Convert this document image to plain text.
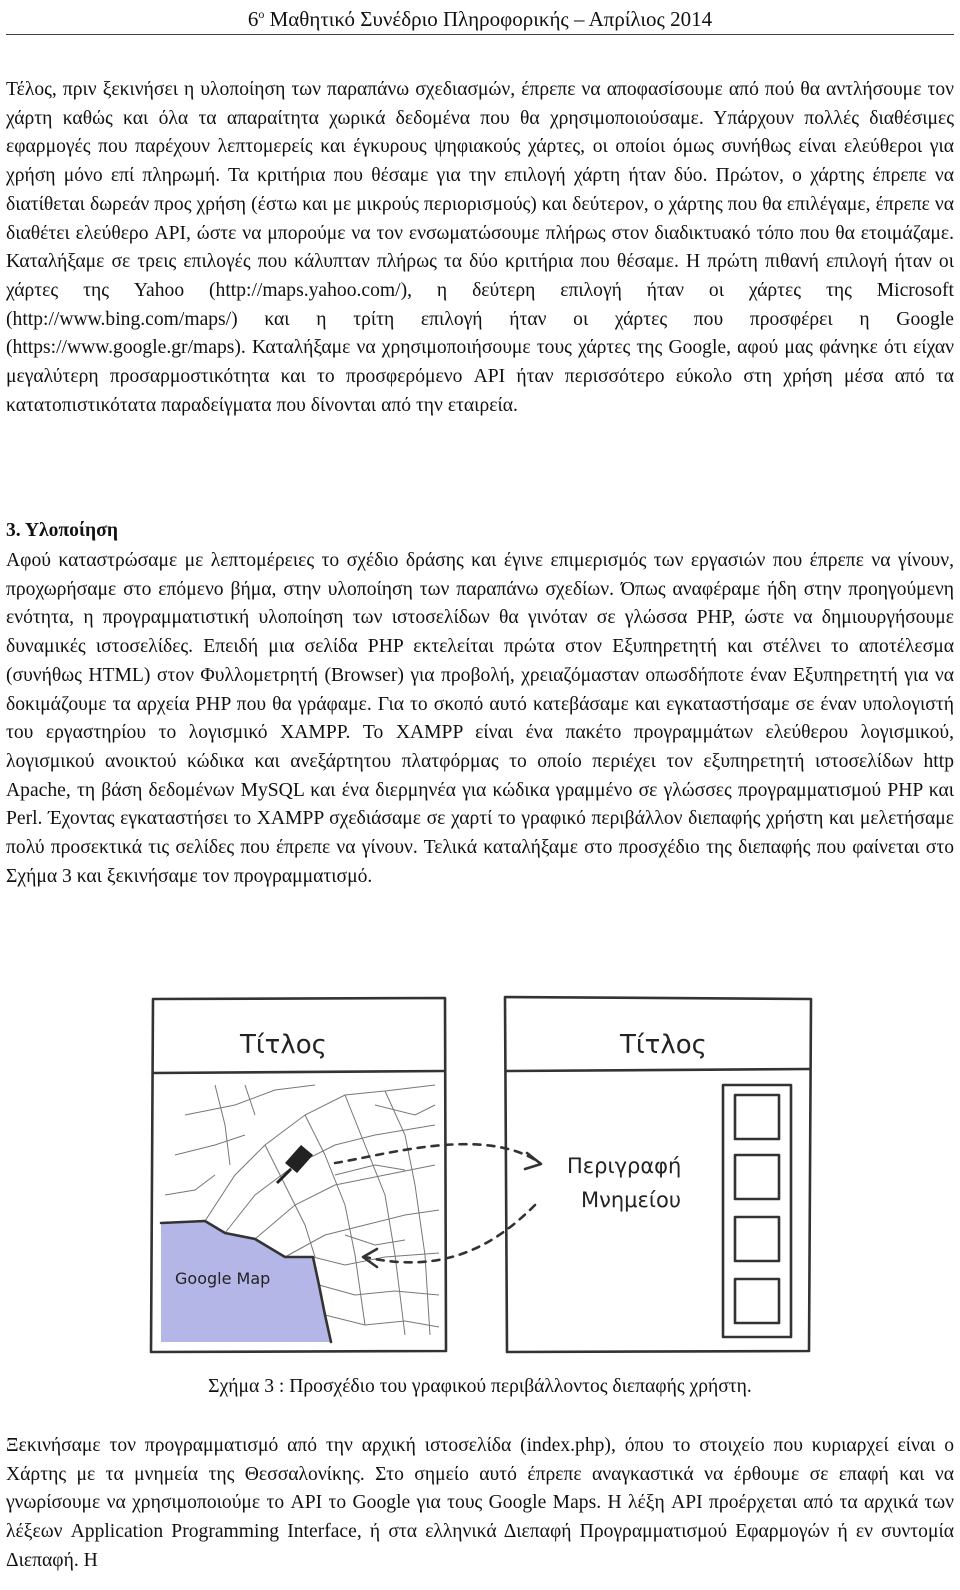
$6^o$ Μαθητικό Συνέδριο Πληροφορικής – Απρίλιος 2014
Τέλος, πριν ξεκινήσει η υλοποίηση των παραπάνω σχεδιασμών, έπρεπε να αποφασίσουμε από πού θα αντλήσουμε τον χάρτη καθώς και όλα τα απαραίτητα χωρικά δεδομένα που θα χρησιμοποιούσαμε. Υπάρχουν πολλές διαθέσιμες εφαρμογές που παρέχουν λεπτομερείς και έγκυρους ψηφιακούς χάρτες, οι οποίοι όμως συνήθως είναι ελεύθεροι για χρήση μόνο επί πληρωμή. Τα κριτήρια που θέσαμε για την επιλογή χάρτη ήταν δύο. Πρώτον, ο χάρτης έπρεπε να διατίθεται δωρεάν προς χρήση (έστω και με μικρούς περιορισμούς) και δεύτερον, ο χάρτης που θα επιλέγαμε, έπρεπε να διαθέτει ελεύθερο API, ώστε να μπορούμε να τον ενσωματώσουμε πλήρως στον διαδικτυακό τόπο που θα ετοιμάζαμε. Καταλήξαμε σε τρεις επιλογές που κάλυπταν πλήρως τα δύο κριτήρια που θέσαμε. Η πρώτη πιθανή επιλογή ήταν οι χάρτες της Yahoo (http://maps.yahoo.com/), η δεύτερη επιλογή ήταν οι χάρτες της Microsoft (http://www.bing.com/maps/) και η τρίτη επιλογή ήταν οι χάρτες που προσφέρει η Google (https://www.google.gr/maps). Καταλήξαμε να χρησιμοποιήσουμε τους χάρτες της Google, αφού μας φάνηκε ότι είχαν μεγαλύτερη προσαρμοστικότητα και το προσφερόμενο API ήταν περισσότερο εύκολο στη χρήση μέσα από τα κατατοπιστικότατα παραδείγματα που δίνονται από την εταιρεία.
3. Υλοποίηση
Αφού καταστρώσαμε με λεπτομέρειες το σχέδιο δράσης και έγινε επιμερισμός των εργασιών που έπρεπε να γίνουν, προχωρήσαμε στο επόμενο βήμα, στην υλοποίηση των παραπάνω σχεδίων. Όπως αναφέραμε ήδη στην προηγούμενη ενότητα, η προγραμματιστική υλοποίηση των ιστοσελίδων θα γινόταν σε γλώσσα PHP, ώστε να δημιουργήσουμε δυναμικές ιστοσελίδες. Επειδή μια σελίδα PHP εκτελείται πρώτα στον Εξυπηρετητή και στέλνει το αποτέλεσμα (συνήθως HTML) στον Φυλλομετρητή (Browser) για προβολή, χρειαζόμασταν οπωσδήποτε έναν Εξυπηρετητή για να δοκιμάζουμε τα αρχεία PHP που θα γράφαμε. Για το σκοπό αυτό κατεβάσαμε και εγκαταστήσαμε σε έναν υπολογιστή του εργαστηρίου το λογισμικό XAMPP. Το XAMPP είναι ένα πακέτο προγραμμάτων ελεύθερου λογισμικού, λογισμικού ανοικτού κώδικα και ανεξάρτητου πλατφόρμας το οποίο περιέχει τον εξυπηρετητή ιστοσελίδων http Apache, τη βάση δεδομένων MySQL και ένα διερμηνέα για κώδικα γραμμένο σε γλώσσες προγραμματισμού PHP και Perl. Έχοντας εγκαταστήσει το XAMPP σχεδιάσαμε σε χαρτί το γραφικό περιβάλλον διεπαφής χρήστη και μελετήσαμε πολύ προσεκτικά τις σελίδες που έπρεπε να γίνουν. Τελικά καταλήξαμε στο προσχέδιο της διεπαφής που φαίνεται στο Σχήμα 3 και ξεκινήσαμε τον προγραμματισμό.
Τίτλος
Google Map
Τίτλος
Περιγραφή
Μνημείου
Σχήμα 3 : Προσχέδιο του γραφικού περιβάλλοντος διεπαφής χρήστη.
Ξεκινήσαμε τον προγραμματισμό από την αρχική ιστοσελίδα (index.php), όπου το στοιχείο που κυριαρχεί είναι ο Χάρτης με τα μνημεία της Θεσσαλονίκης. Στο σημείο αυτό έπρεπε αναγκαστικά να έρθουμε σε επαφή και να γνωρίσουμε να χρησιμοποιούμε το API το Google για τους Google Maps. Η λέξη API προέρχεται από τα αρχικά των λέξεων Application Programming Interface, ή στα ελληνικά Διεπαφή Προγραμματισμού Εφαρμογών ή εν συντομία Διεπαφή. Η
